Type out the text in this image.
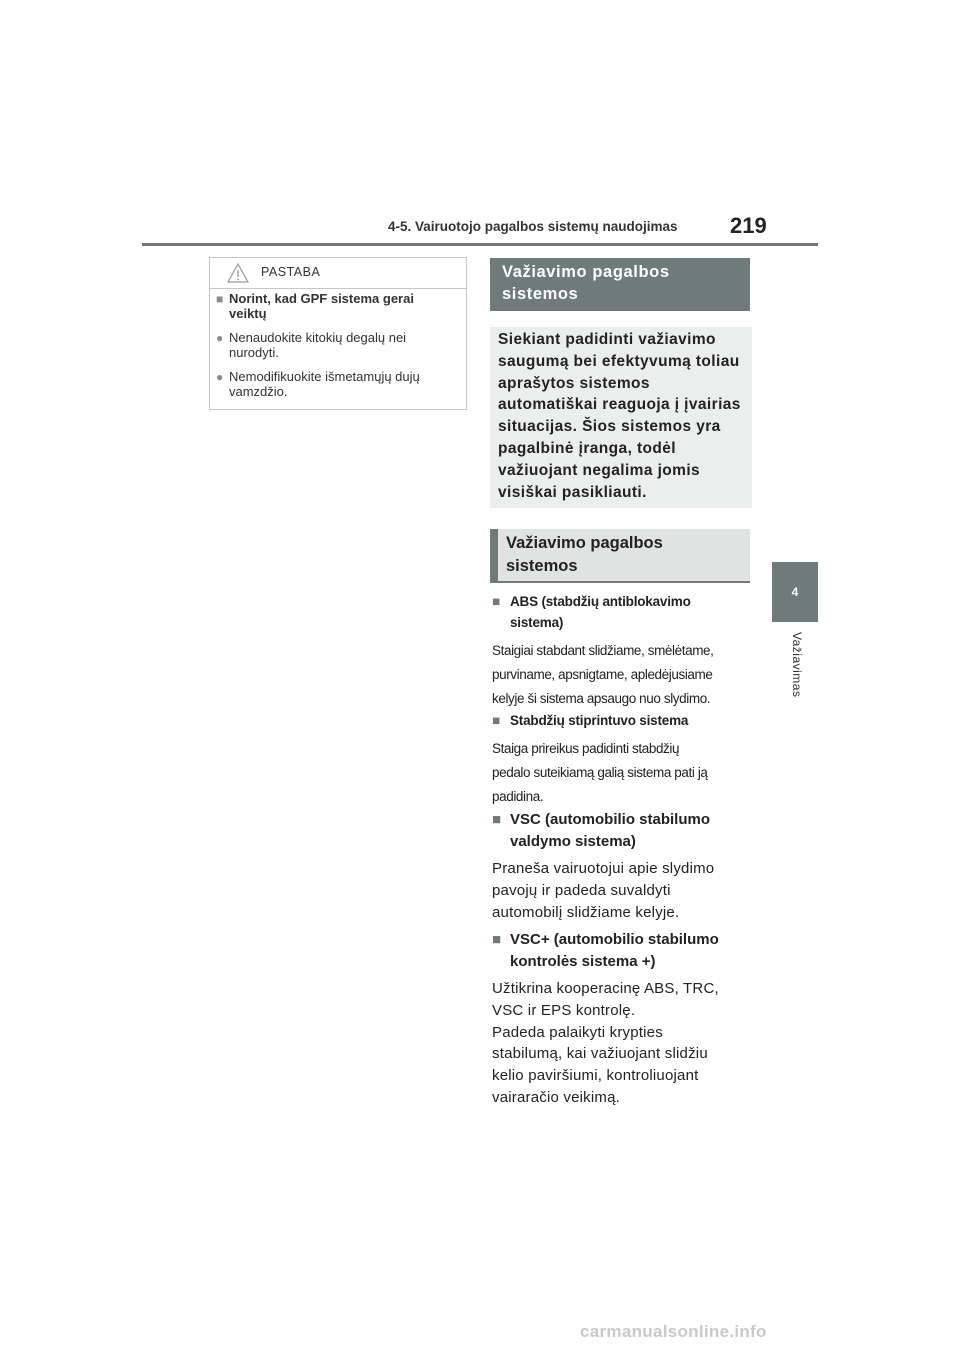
4-5. Vairuotojo pagalbos sistemų naudojimas	219
4
Važiavimas
PASTABA
■ Norint, kad GPF sistema gerai
veiktų
● Nenaudokite kitokių degalų nei
nurodyti.
● Nemodifikuokite išmetamųjų dujų
vamzdžio.
Važiavimo pagalbos
sistemos
Siekiant padidinti važiavimo
saugumą bei efektyvumą toliau
aprašytos sistemos
automatiškai reaguoja į įvairias
situacijas. Šios sistemos yra
pagalbinė įranga, todėl
važiuojant negalima jomis
visiškai pasikliauti.
Važiavimo pagalbos
sistemos
■ ABS (stabdžių antiblokavimo
sistema)
Staigiai stabdant slidžiame, smėlėtame,
purviname, apsnigtame, apledėjusiame
kelyje ši sistema apsaugo nuo slydimo.
■ Stabdžių stiprintuvo sistema
Staiga prireikus padidinti stabdžių
pedalo suteikiamą galią sistema pati ją
padidina.
■ VSC (automobilio stabilumo
valdymo sistema)
Praneša vairuotojui apie slydimo
pavojų ir padeda suvaldyti
automobilį slidžiame kelyje.
■ VSC+ (automobilio stabilumo
kontrolės sistema +)
Užtikrina kooperacinę ABS, TRC,
VSC ir EPS kontrolę.
Padeda palaikyti krypties
stabilumą, kai važiuojant slidžiu
kelio paviršiumi, kontroliuojant
vairaračio veikimą.
carmanualsonline.info
